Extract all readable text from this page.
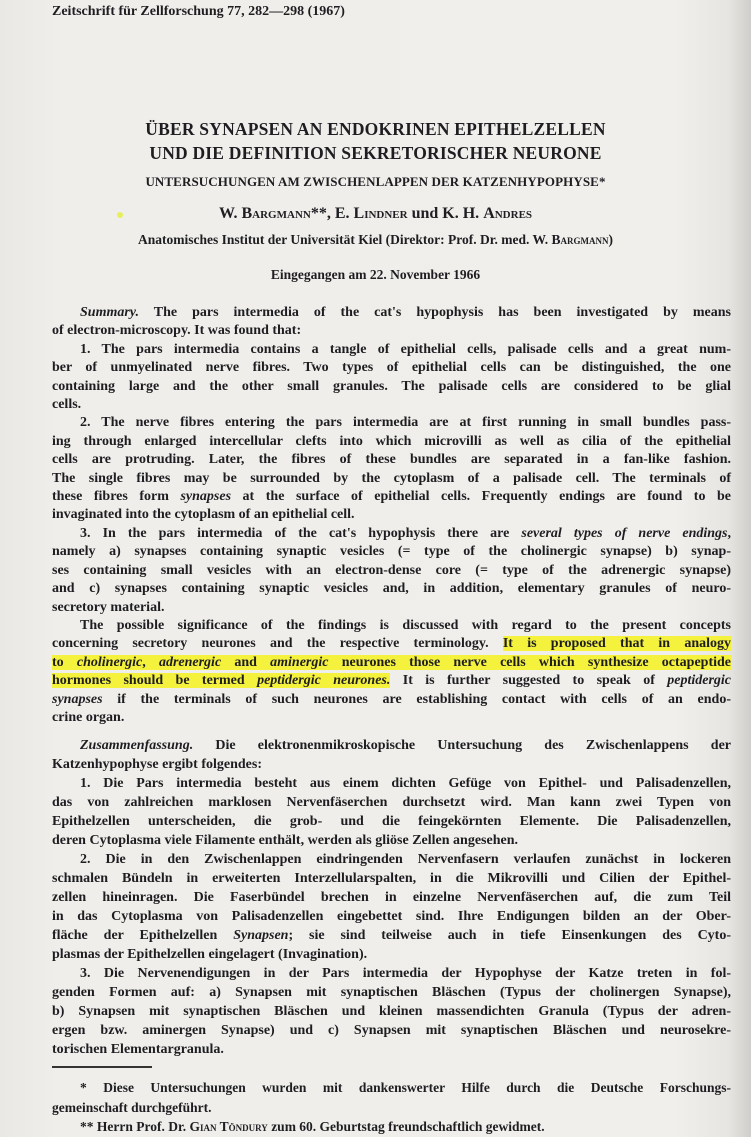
Zeitschrift für Zellforschung 77, 282—298 (1967)
ÜBER SYNAPSEN AN ENDOKRINEN EPITHELZELLEN
UND DIE DEFINITION SEKRETORISCHER NEURONE
UNTERSUCHUNGEN AM ZWISCHENLAPPEN DER KATZENHYPOPHYSE*
W. Bargmann**, E. Lindner und K. H. Andres
Anatomisches Institut der Universität Kiel (Direktor: Prof. Dr. med. W. Bargmann)
Eingegangen am 22. November 1966
Summary. The pars intermedia of the cat's hypophysis has been investigated by means
of electron-microscopy. It was found that:
1. The pars intermedia contains a tangle of epithelial cells, palisade cells and a great num-
ber of unmyelinated nerve fibres. Two types of epithelial cells can be distinguished, the one
containing large and the other small granules. The palisade cells are considered to be glial
cells.
2. The nerve fibres entering the pars intermedia are at first running in small bundles pass-
ing through enlarged intercellular clefts into which microvilli as well as cilia of the epithelial
cells are protruding. Later, the fibres of these bundles are separated in a fan-like fashion.
The single fibres may be surrounded by the cytoplasm of a palisade cell. The terminals of
these fibres form synapses at the surface of epithelial cells. Frequently endings are found to be
invaginated into the cytoplasm of an epithelial cell.
3. In the pars intermedia of the cat's hypophysis there are several types of nerve endings,
namely a) synapses containing synaptic vesicles (= type of the cholinergic synapse) b) synap-
ses containing small vesicles with an electron-dense core (= type of the adrenergic synapse)
and c) synapses containing synaptic vesicles and, in addition, elementary granules of neuro-
secretory material.
The possible significance of the findings is discussed with regard to the present concepts
concerning secretory neurones and the respective terminology. It is proposed that in analogy
to cholinergic, adrenergic and aminergic neurones those nerve cells which synthesize octapeptide
hormones should be termed peptidergic neurones. It is further suggested to speak of peptidergic
synapses if the terminals of such neurones are establishing contact with cells of an endo-
crine organ.
Zusammenfassung. Die elektronenmikroskopische Untersuchung des Zwischenlappens der
Katzenhypophyse ergibt folgendes:
1. Die Pars intermedia besteht aus einem dichten Gefüge von Epithel- und Palisadenzellen,
das von zahlreichen marklosen Nervenfäserchen durchsetzt wird. Man kann zwei Typen von
Epithelzellen unterscheiden, die grob- und die feingekörnten Elemente. Die Palisadenzellen,
deren Cytoplasma viele Filamente enthält, werden als gliöse Zellen angesehen.
2. Die in den Zwischenlappen eindringenden Nervenfasern verlaufen zunächst in lockeren
schmalen Bündeln in erweiterten Interzellularspalten, in die Mikrovilli und Cilien der Epithel-
zellen hineinragen. Die Faserbündel brechen in einzelne Nervenfäserchen auf, die zum Teil
in das Cytoplasma von Palisadenzellen eingebettet sind. Ihre Endigungen bilden an der Ober-
fläche der Epithelzellen Synapsen; sie sind teilweise auch in tiefe Einsenkungen des Cyto-
plasmas der Epithelzellen eingelagert (Invagination).
3. Die Nervenendigungen in der Pars intermedia der Hypophyse der Katze treten in fol-
genden Formen auf: a) Synapsen mit synaptischen Bläschen (Typus der cholinergen Synapse),
b) Synapsen mit synaptischen Bläschen und kleinen massendichten Granula (Typus der adren-
ergen bzw. aminergen Synapse) und c) Synapsen mit synaptischen Bläschen und neurosekre-
torischen Elementargranula.
* Diese Untersuchungen wurden mit dankenswerter Hilfe durch die Deutsche Forschungs-
gemeinschaft durchgeführt.
** Herrn Prof. Dr. Gian Töndury zum 60. Geburtstag freundschaftlich gewidmet.
